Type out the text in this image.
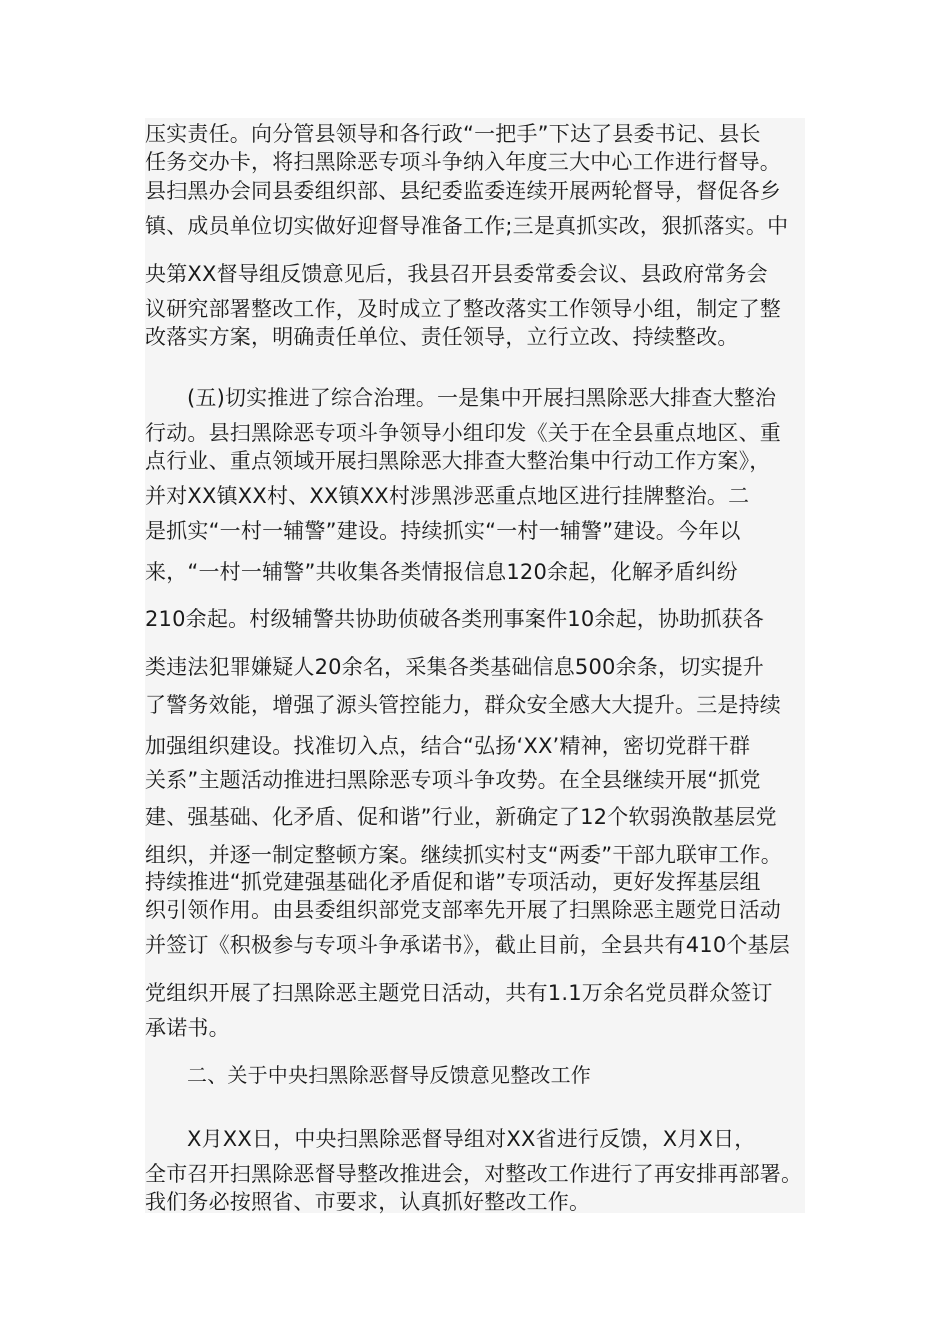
压实责任。向分管县领导和各行政“一把手”下达了县委书记、县长
任务交办卡，将扫黑除恶专项斗争纳入年度三大中心工作进行督导。
县扫黑办会同县委组织部、县纪委监委连续开展两轮督导，督促各乡
镇、成员单位切实做好迎督导准备工作;三是真抓实改，狠抓落实。中
央第XX督导组反馈意见后，我县召开县委常委会议、县政府常务会
议研究部署整改工作，及时成立了整改落实工作领导小组，制定了整
改落实方案，明确责任单位、责任领导，立行立改、持续整改。
(五)切实推进了综合治理。一是集中开展扫黑除恶大排查大整治
行动。县扫黑除恶专项斗争领导小组印发《关于在全县重点地区、重
点行业、重点领域开展扫黑除恶大排查大整治集中行动工作方案》，
并对XX镇XX村、XX镇XX村涉黑涉恶重点地区进行挂牌整治。二
是抓实“一村一辅警”建设。持续抓实“一村一辅警”建设。今年以
来，“一村一辅警”共收集各类情报信息120余起，化解矛盾纠纷
210余起。村级辅警共协助侦破各类刑事案件10余起，协助抓获各
类违法犯罪嫌疑人20余名，采集各类基础信息500余条，切实提升
了警务效能，增强了源头管控能力，群众安全感大大提升。三是持续
加强组织建设。找准切入点，结合“弘扬‘XX’精神，密切党群干群
关系”主题活动推进扫黑除恶专项斗争攻势。在全县继续开展“抓党
建、强基础、化矛盾、促和谐”行业，新确定了12个软弱涣散基层党
组织，并逐一制定整顿方案。继续抓实村支“两委”干部九联审工作。
持续推进“抓党建强基础化矛盾促和谐”专项活动，更好发挥基层组
织引领作用。由县委组织部党支部率先开展了扫黑除恶主题党日活动
并签订《积极参与专项斗争承诺书》，截止目前，全县共有410个基层
党组织开展了扫黑除恶主题党日活动，共有1.1万余名党员群众签订
承诺书。
二、关于中央扫黑除恶督导反馈意见整改工作
X月XX日，中央扫黑除恶督导组对XX省进行反馈，X月X日，
全市召开扫黑除恶督导整改推进会，对整改工作进行了再安排再部署。
我们务必按照省、市要求，认真抓好整改工作。
